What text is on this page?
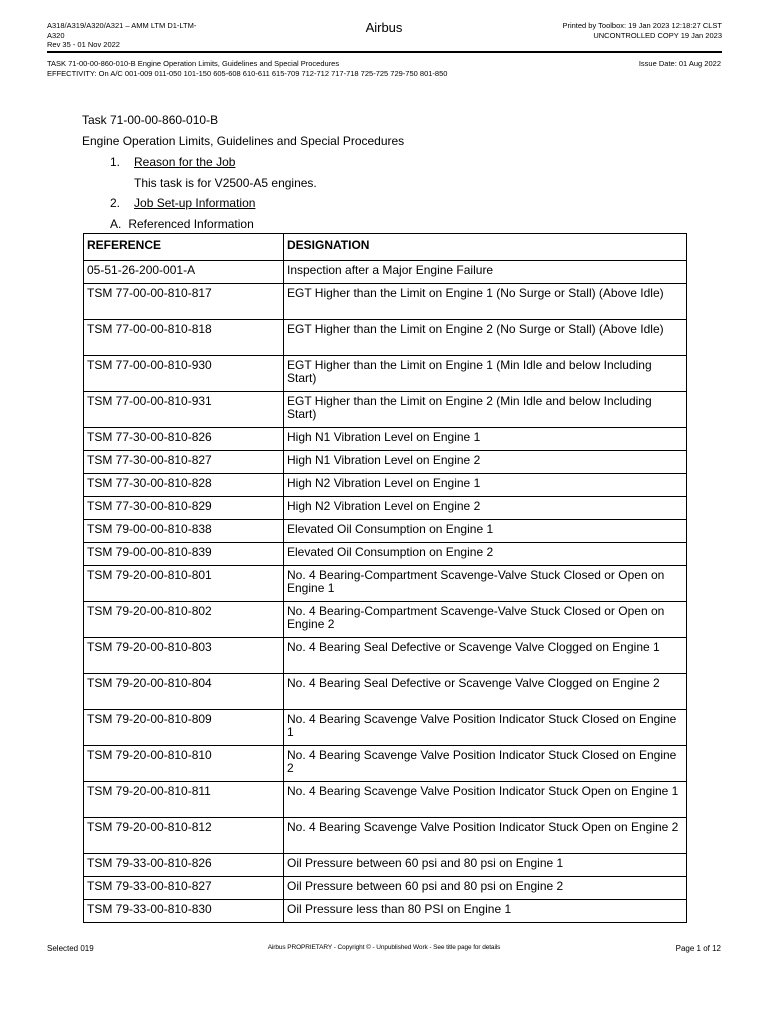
A318/A319/A320/A321 – AMM LTM D1-LTM-
A320
Rev 35 - 01 Nov 2022
Airbus	Printed by Toolbox: 19 Jan 2023 12:18:27 CLST
UNCONTROLLED COPY 19 Jan 2023
TASK 71-00-00-860-010-B Engine Operation Limits, Guidelines and Special Procedures
EFFECTIVITY: On A/C 001-009 011-050 101-150 605-608 610-611 615-709 712-712 717-718 725-725 729-750 801-850
Issue Date: 01 Aug 2022
Task 71-00-00-860-010-B
Engine Operation Limits, Guidelines and Special Procedures
1. Reason for the Job
This task is for V2500-A5 engines.
2. Job Set-up Information
A. Referenced Information
REFERENCE	DESIGNATION
05-51-26-200-001-A	Inspection after a Major Engine Failure
TSM 77-00-00-810-817	EGT Higher than the Limit on Engine 1 (No Surge or Stall) (Above Idle)
TSM 77-00-00-810-818	EGT Higher than the Limit on Engine 2 (No Surge or Stall) (Above Idle)
TSM 77-00-00-810-930	EGT Higher than the Limit on Engine 1 (Min Idle and below Including Start)
TSM 77-00-00-810-931	EGT Higher than the Limit on Engine 2 (Min Idle and below Including Start)
TSM 77-30-00-810-826	High N1 Vibration Level on Engine 1
TSM 77-30-00-810-827	High N1 Vibration Level on Engine 2
TSM 77-30-00-810-828	High N2 Vibration Level on Engine 1
TSM 77-30-00-810-829	High N2 Vibration Level on Engine 2
TSM 79-00-00-810-838	Elevated Oil Consumption on Engine 1
TSM 79-00-00-810-839	Elevated Oil Consumption on Engine 2
TSM 79-20-00-810-801	No. 4 Bearing-Compartment Scavenge-Valve Stuck Closed or Open on Engine 1
TSM 79-20-00-810-802	No. 4 Bearing-Compartment Scavenge-Valve Stuck Closed or Open on Engine 2
TSM 79-20-00-810-803	No. 4 Bearing Seal Defective or Scavenge Valve Clogged on Engine 1
TSM 79-20-00-810-804	No. 4 Bearing Seal Defective or Scavenge Valve Clogged on Engine 2
TSM 79-20-00-810-809	No. 4 Bearing Scavenge Valve Position Indicator Stuck Closed on Engine 1
TSM 79-20-00-810-810	No. 4 Bearing Scavenge Valve Position Indicator Stuck Closed on Engine 2
TSM 79-20-00-810-811	No. 4 Bearing Scavenge Valve Position Indicator Stuck Open on Engine 1
TSM 79-20-00-810-812	No. 4 Bearing Scavenge Valve Position Indicator Stuck Open on Engine 2
TSM 79-33-00-810-826	Oil Pressure between 60 psi and 80 psi on Engine 1
TSM 79-33-00-810-827	Oil Pressure between 60 psi and 80 psi on Engine 2
TSM 79-33-00-810-830	Oil Pressure less than 80 PSI on Engine 1
Selected 019	Airbus PROPRIETARY - Copyright © - Unpublished Work - See title page for details	Page 1 of 12
